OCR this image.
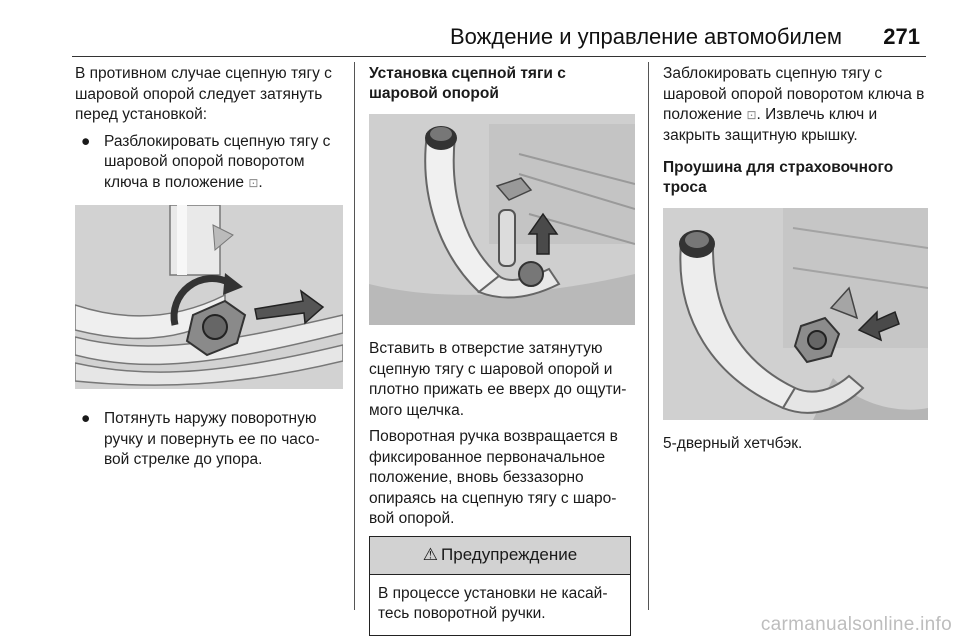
Вождение и управление автомобилем 271

В противном случае сцепную тягу с шаровой опорой следует затянуть перед установкой:

● Разблокировать сцепную тягу с шаровой опорой поворотом ключа в положение ⊡.

● Потянуть наружу поворотную ручку и повернуть ее по часо-вой стрелке до упора.

Установка сцепной тяги с шаровой опорой

Вставить в отверстие затянутую сцепную тягу с шаровой опорой и плотно прижать ее вверх до ощути-мого щелчка.

Поворотная ручка возвращается в фиксированное первоначальное положение, вновь беззазорно опираясь на сцепную тягу с шаро-вой опорой.

⚠ Предупреждение
В процессе установки не касай-тесь поворотной ручки.

Заблокировать сцепную тягу с шаровой опорой поворотом ключа в положение ⊡. Извлечь ключ и закрыть защитную крышку.

Проушина для страховочного троса

5-дверный хетчбэк.

carmanualsonline.info
